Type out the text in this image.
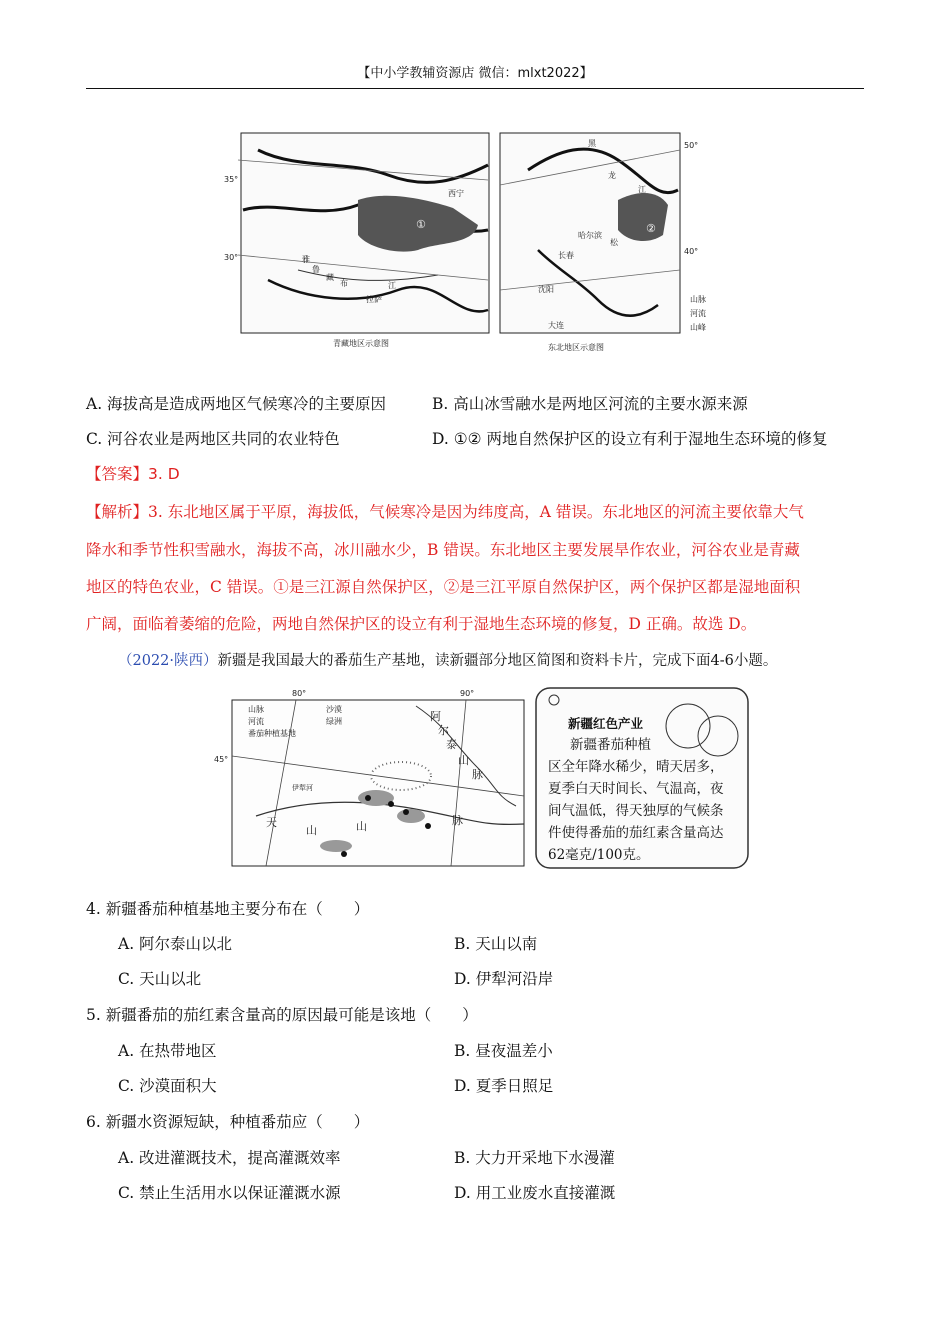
【中小学教辅资源店 微信：mlxt2022】
35°
30°
西宁
①
拉萨
雅
鲁
藏
布	江
青藏地区示意图
50°
40°
黑
龙
江
哈尔滨
松
②
长春
沈阳
大连
东北地区示意图
山脉
河流
山峰
A. 海拔高是造成两地区气候寒冷的主要原因	B. 高山冰雪融水是两地区河流的主要水源来源
C. 河谷农业是两地区共同的农业特色	D. ①② 两地自然保护区的设立有利于湿地生态环境的修复
【答案】3. D
【解析】3. 东北地区属于平原，海拔低，气候寒冷是因为纬度高，A 错误。东北地区的河流主要依靠大气
降水和季节性积雪融水，海拔不高，冰川融水少，B 错误。东北地区主要发展旱作农业，河谷农业是青藏
地区的特色农业，C 错误。①是三江源自然保护区，②是三江平原自然保护区，两个保护区都是湿地面积
广阔，面临着萎缩的危险，两地自然保护区的设立有利于湿地生态环境的修复，D 正确。故选 D。
（2022·陕西）新疆是我国最大的番茄生产基地，读新疆部分地区简图和资料卡片，完成下面4-6小题。
80°	90°
45°
山脉	沙漠
河流	绿洲
番茄种植基地
阿
尔
泰
山
脉
天
山	山	脉
伊犁河
新疆红色产业
新疆番茄种植
区全年降水稀少，晴天居多，
夏季白天时间长、气温高，夜
间气温低，得天独厚的气候条
件使得番茄的茄红素含量高达
62毫克/100克。
4. 新疆番茄种植基地主要分布在（　　）
A. 阿尔泰山以北	B. 天山以南
C. 天山以北	D. 伊犁河沿岸
5. 新疆番茄的茄红素含量高的原因最可能是该地（　　）
A. 在热带地区	B. 昼夜温差小
C. 沙漠面积大	D. 夏季日照足
6. 新疆水资源短缺，种植番茄应（　　）
A. 改进灌溉技术，提高灌溉效率	B. 大力开采地下水漫灌
C. 禁止生活用水以保证灌溉水源	D. 用工业废水直接灌溉
